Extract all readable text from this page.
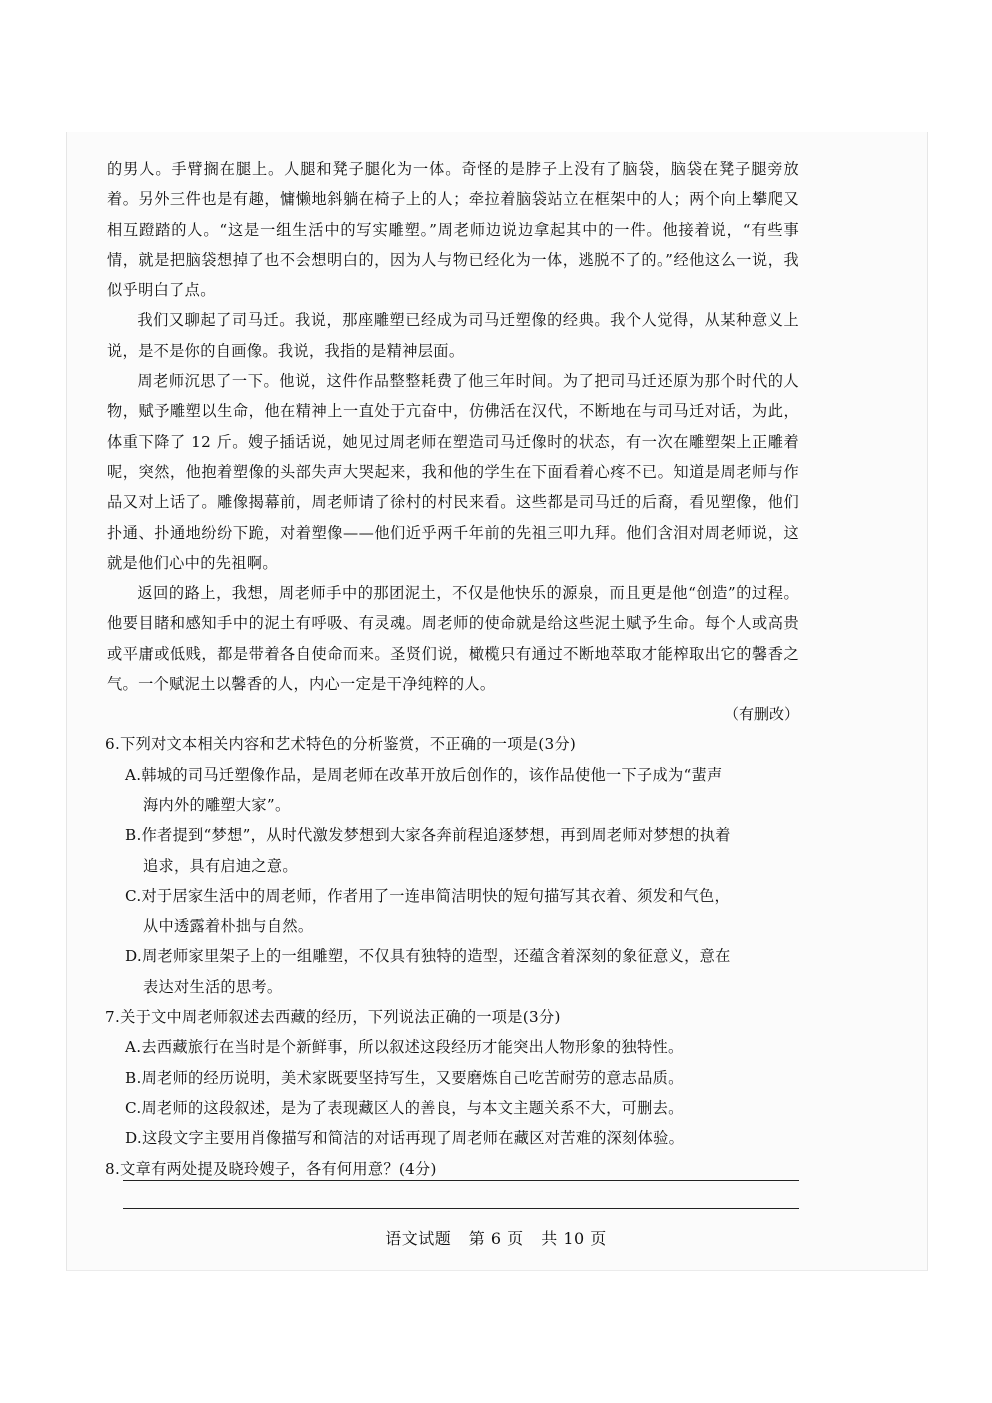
的男人。手臂搁在腿上。人腿和凳子腿化为一体。奇怪的是脖子上没有了脑袋，脑袋在凳子腿旁放着。另外三件也是有趣，慵懒地斜躺在椅子上的人；牵拉着脑袋站立在框架中的人；两个向上攀爬又相互蹬踏的人。“这是一组生活中的写实雕塑。”周老师边说边拿起其中的一件。他接着说，“有些事情，就是把脑袋想掉了也不会想明白的，因为人与物已经化为一体，逃脱不了的。”经他这么一说，我似乎明白了点。

我们又聊起了司马迁。我说，那座雕塑已经成为司马迁塑像的经典。我个人觉得，从某种意义上说，是不是你的自画像。我说，我指的是精神层面。

周老师沉思了一下。他说，这件作品整整耗费了他三年时间。为了把司马迁还原为那个时代的人物，赋予雕塑以生命，他在精神上一直处于亢奋中，仿佛活在汉代，不断地在与司马迁对话，为此，体重下降了 12 斤。嫂子插话说，她见过周老师在塑造司马迁像时的状态，有一次在雕塑架上正雕着呢，突然，他抱着塑像的头部失声大哭起来，我和他的学生在下面看着心疼不已。知道是周老师与作品又对上话了。雕像揭幕前，周老师请了徐村的村民来看。这些都是司马迁的后裔，看见塑像，他们扑通、扑通地纷纷下跪，对着塑像——他们近乎两千年前的先祖三叩九拜。他们含泪对周老师说，这就是他们心中的先祖啊。

返回的路上，我想，周老师手中的那团泥土，不仅是他快乐的源泉，而且更是他“创造”的过程。他要目睹和感知手中的泥土有呼吸、有灵魂。周老师的使命就是给这些泥土赋予生命。每个人或高贵或平庸或低贱，都是带着各自使命而来。圣贤们说，橄榄只有通过不断地萃取才能榨取出它的馨香之气。一个赋泥土以馨香的人，内心一定是干净纯粹的人。

（有删改）

6.下列对文本相关内容和艺术特色的分析鉴赏，不正确的一项是(3分)

A.韩城的司马迁塑像作品，是周老师在改革开放后创作的，该作品使他一下子成为“蜚声
海内外的雕塑大家”。
B.作者提到“梦想”，从时代激发梦想到大家各奔前程追逐梦想，再到周老师对梦想的执着
追求，具有启迪之意。
C.对于居家生活中的周老师，作者用了一连串简洁明快的短句描写其衣着、须发和气色，
从中透露着朴拙与自然。
D.周老师家里架子上的一组雕塑，不仅具有独特的造型，还蕴含着深刻的象征意义，意在
表达对生活的思考。

7.关于文中周老师叙述去西藏的经历，下列说法正确的一项是(3分)

A.去西藏旅行在当时是个新鲜事，所以叙述这段经历才能突出人物形象的独特性。

B.周老师的经历说明，美术家既要坚持写生，又要磨炼自己吃苦耐劳的意志品质。

C.周老师的这段叙述，是为了表现藏区人的善良，与本文主题关系不大，可删去。

D.这段文字主要用肖像描写和简洁的对话再现了周老师在藏区对苦难的深刻体验。

8.文章有两处提及晓玲嫂子，各有何用意？(4分)

语文试题 第 6 页 共 10 页
